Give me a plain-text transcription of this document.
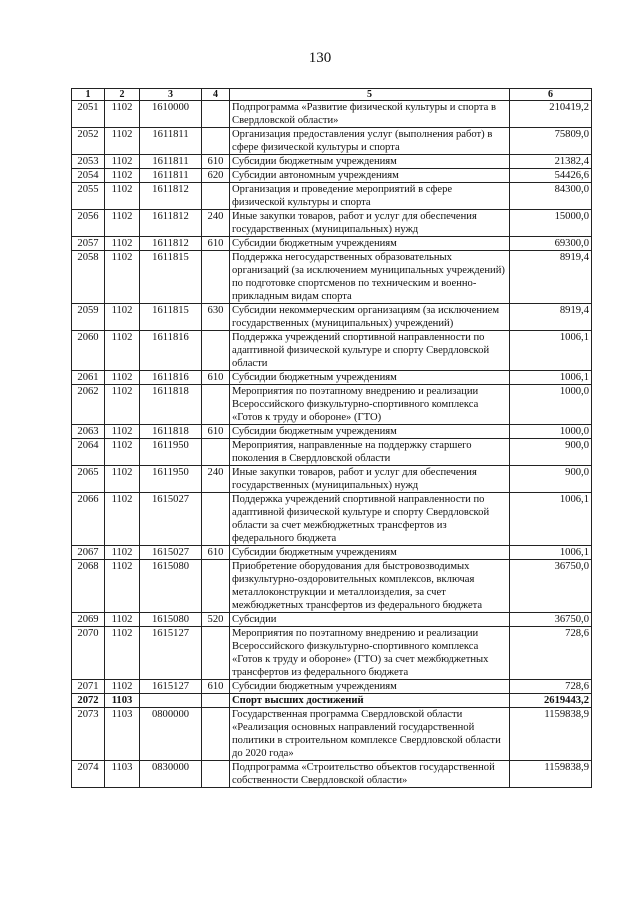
130
1	2	3	4	5	6
2051	1102	1610000		Подпрограмма «Развитие физической культуры и спорта в Свердловской области»	210419,2
2052	1102	1611811		Организация предоставления услуг (выполнения работ) в сфере физической культуры и спорта	75809,0
2053	1102	1611811	610	Субсидии бюджетным учреждениям	21382,4
2054	1102	1611811	620	Субсидии автономным учреждениям	54426,6
2055	1102	1611812		Организация и проведение мероприятий в сфере физической культуры и спорта	84300,0
2056	1102	1611812	240	Иные закупки товаров, работ и услуг для обеспечения государственных (муниципальных) нужд	15000,0
2057	1102	1611812	610	Субсидии бюджетным учреждениям	69300,0
2058	1102	1611815		Поддержка негосударственных образовательных организаций (за исключением муниципальных учреждений) по подготовке спортсменов по техническим и военно-прикладным видам спорта	8919,4
2059	1102	1611815	630	Субсидии некоммерческим организациям (за исключением государственных (муниципальных) учреждений)	8919,4
2060	1102	1611816		Поддержка учреждений спортивной направленности по адаптивной физической культуре и спорту Свердловской области	1006,1
2061	1102	1611816	610	Субсидии бюджетным учреждениям	1006,1
2062	1102	1611818		Мероприятия по поэтапному внедрению и реализации Всероссийского физкультурно-спортивного комплекса «Готов к труду и обороне» (ГТО)	1000,0
2063	1102	1611818	610	Субсидии бюджетным учреждениям	1000,0
2064	1102	1611950		Мероприятия, направленные на поддержку старшего поколения в Свердловской области	900,0
2065	1102	1611950	240	Иные закупки товаров, работ и услуг для обеспечения государственных (муниципальных) нужд	900,0
2066	1102	1615027		Поддержка учреждений спортивной направленности по адаптивной физической культуре и спорту Свердловской области за счет межбюджетных трансфертов из федерального бюджета	1006,1
2067	1102	1615027	610	Субсидии бюджетным учреждениям	1006,1
2068	1102	1615080		Приобретение оборудования для быстровозводимых физкультурно-оздоровительных комплексов, включая металлоконструкции и металлоизделия, за счет межбюджетных трансфертов из федерального бюджета	36750,0
2069	1102	1615080	520	Субсидии	36750,0
2070	1102	1615127		Мероприятия по поэтапному внедрению и реализации Всероссийского физкультурно-спортивного комплекса «Готов к труду и обороне» (ГТО) за счет межбюджетных трансфертов из федерального бюджета	728,6
2071	1102	1615127	610	Субсидии бюджетным учреждениям	728,6
2072	1103			Спорт высших достижений	2619443,2
2073	1103	0800000		Государственная программа Свердловской области «Реализация основных направлений государственной политики в строительном комплексе Свердловской области до 2020 года»	1159838,9
2074	1103	0830000		Подпрограмма «Строительство объектов государственной собственности Свердловской области»	1159838,9
